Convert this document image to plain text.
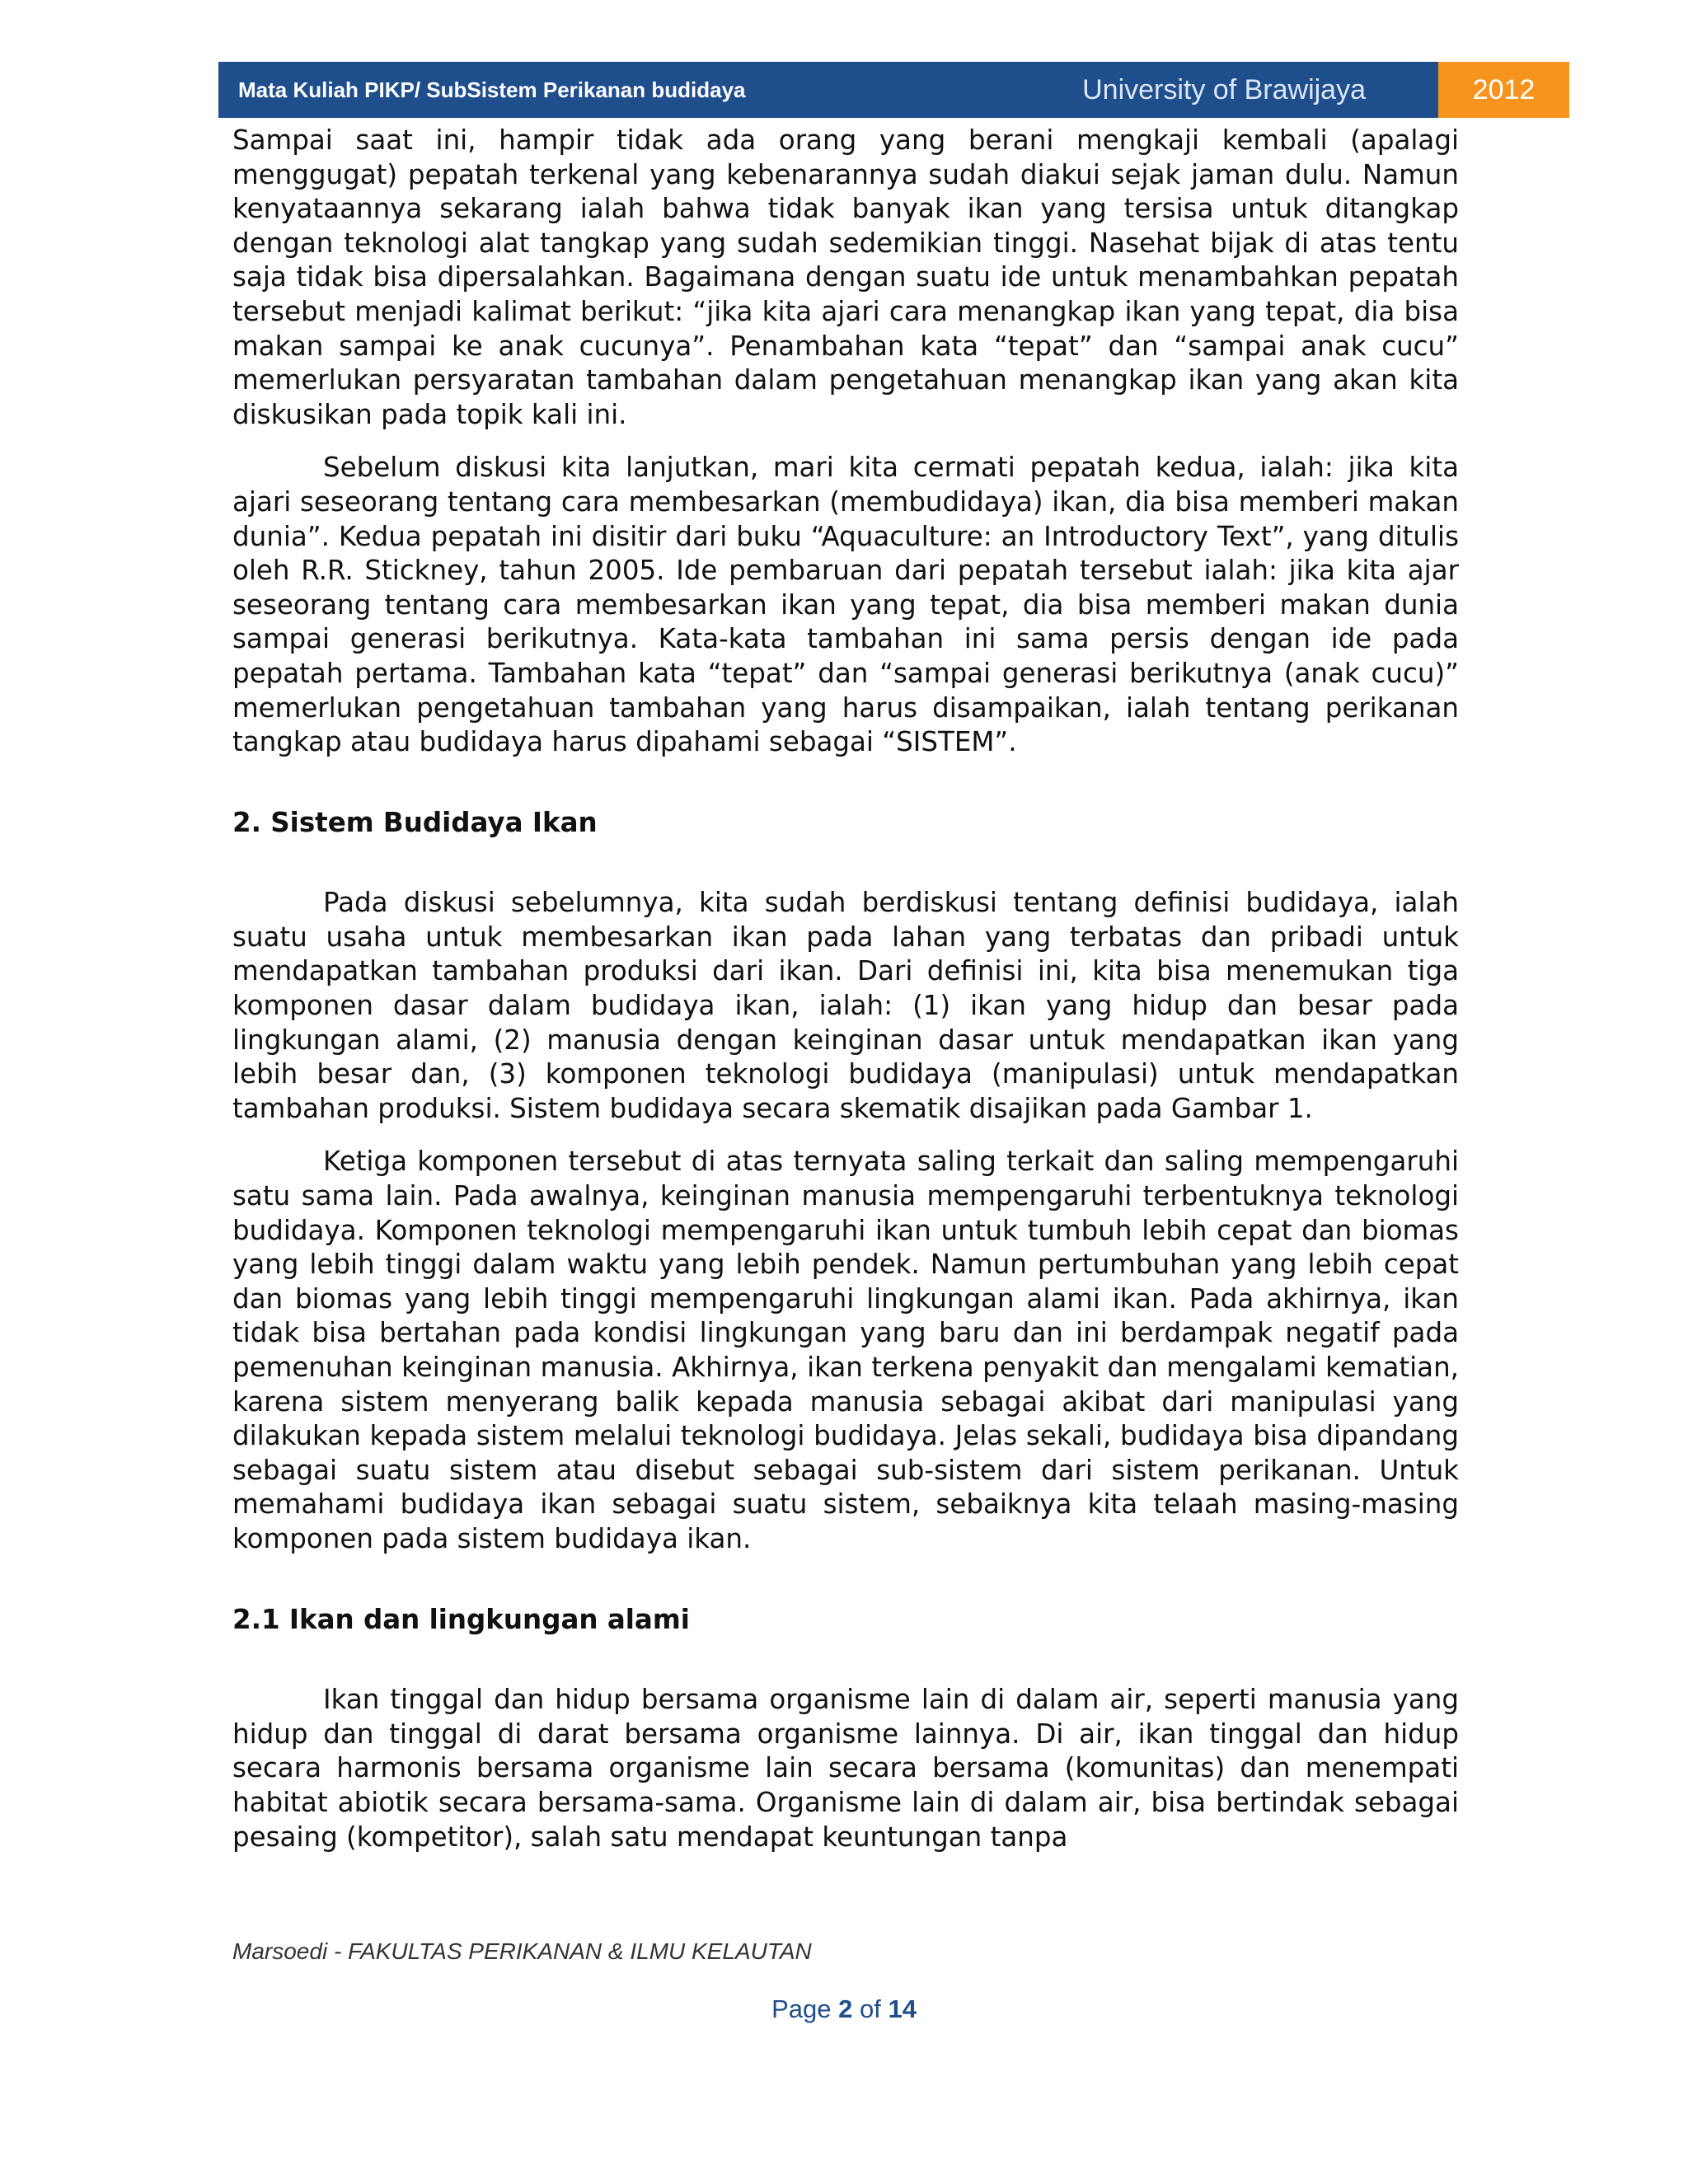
Mata Kuliah PIKP/ SubSistem Perikanan budidaya	University of Brawijaya	2012

Sampai saat ini, hampir tidak ada orang yang berani mengkaji kembali (apalagi menggugat) pepatah terkenal yang kebenarannya sudah diakui sejak jaman dulu. Namun kenyataannya sekarang ialah bahwa tidak banyak ikan yang tersisa untuk ditangkap dengan teknologi alat tangkap yang sudah sedemikian tinggi. Nasehat bijak di atas tentu saja tidak bisa dipersalahkan. Bagaimana dengan suatu ide untuk menambahkan pepatah tersebut menjadi kalimat berikut: “jika kita ajari cara menangkap ikan yang tepat, dia bisa makan sampai ke anak cucunya”. Penambahan kata “tepat” dan “sampai anak cucu” memerlukan persyaratan tambahan dalam pengetahuan menangkap ikan yang akan kita diskusikan pada topik kali ini.

Sebelum diskusi kita lanjutkan, mari kita cermati pepatah kedua, ialah: jika kita ajari seseorang tentang cara membesarkan (membudidaya) ikan, dia bisa memberi makan dunia”. Kedua pepatah ini disitir dari buku “Aquaculture: an Introductory Text”, yang ditulis oleh R.R. Stickney, tahun 2005. Ide pembaruan dari pepatah tersebut ialah: jika kita ajar seseorang tentang cara membesarkan ikan yang tepat, dia bisa memberi makan dunia sampai generasi berikutnya. Kata-kata tambahan ini sama persis dengan ide pada pepatah pertama. Tambahan kata “tepat” dan “sampai generasi berikutnya (anak cucu)” memerlukan pengetahuan tambahan yang harus disampaikan, ialah tentang perikanan tangkap atau budidaya harus dipahami sebagai “SISTEM”.

2. Sistem Budidaya Ikan

Pada diskusi sebelumnya, kita sudah berdiskusi tentang definisi budidaya, ialah suatu usaha untuk membesarkan ikan pada lahan yang terbatas dan pribadi untuk mendapatkan tambahan produksi dari ikan. Dari definisi ini, kita bisa menemukan tiga komponen dasar dalam budidaya ikan, ialah: (1) ikan yang hidup dan besar pada lingkungan alami, (2) manusia dengan keinginan dasar untuk mendapatkan ikan yang lebih besar dan, (3) komponen teknologi budidaya (manipulasi) untuk mendapatkan tambahan produksi. Sistem budidaya secara skematik disajikan pada Gambar 1.

Ketiga komponen tersebut di atas ternyata saling terkait dan saling mempengaruhi satu sama lain. Pada awalnya, keinginan manusia mempengaruhi terbentuknya teknologi budidaya. Komponen teknologi mempengaruhi ikan untuk tumbuh lebih cepat dan biomas yang lebih tinggi dalam waktu yang lebih pendek. Namun pertumbuhan yang lebih cepat dan biomas yang lebih tinggi mempengaruhi lingkungan alami ikan. Pada akhirnya, ikan tidak bisa bertahan pada kondisi lingkungan yang baru dan ini berdampak negatif pada pemenuhan keinginan manusia. Akhirnya, ikan terkena penyakit dan mengalami kematian, karena sistem menyerang balik kepada manusia sebagai akibat dari manipulasi yang dilakukan kepada sistem melalui teknologi budidaya. Jelas sekali, budidaya bisa dipandang sebagai suatu sistem atau disebut sebagai sub-sistem dari sistem perikanan. Untuk memahami budidaya ikan sebagai suatu sistem, sebaiknya kita telaah masing-masing komponen pada sistem budidaya ikan.

2.1 Ikan dan lingkungan alami

Ikan tinggal dan hidup bersama organisme lain di dalam air, seperti manusia yang hidup dan tinggal di darat bersama organisme lainnya. Di air, ikan tinggal dan hidup secara harmonis bersama organisme lain secara bersama (komunitas) dan menempati habitat abiotik secara bersama-sama. Organisme lain di dalam air, bisa bertindak sebagai pesaing (kompetitor), salah satu mendapat keuntungan tanpa

Marsoedi - FAKULTAS PERIKANAN & ILMU KELAUTAN
Page 2 of 14
